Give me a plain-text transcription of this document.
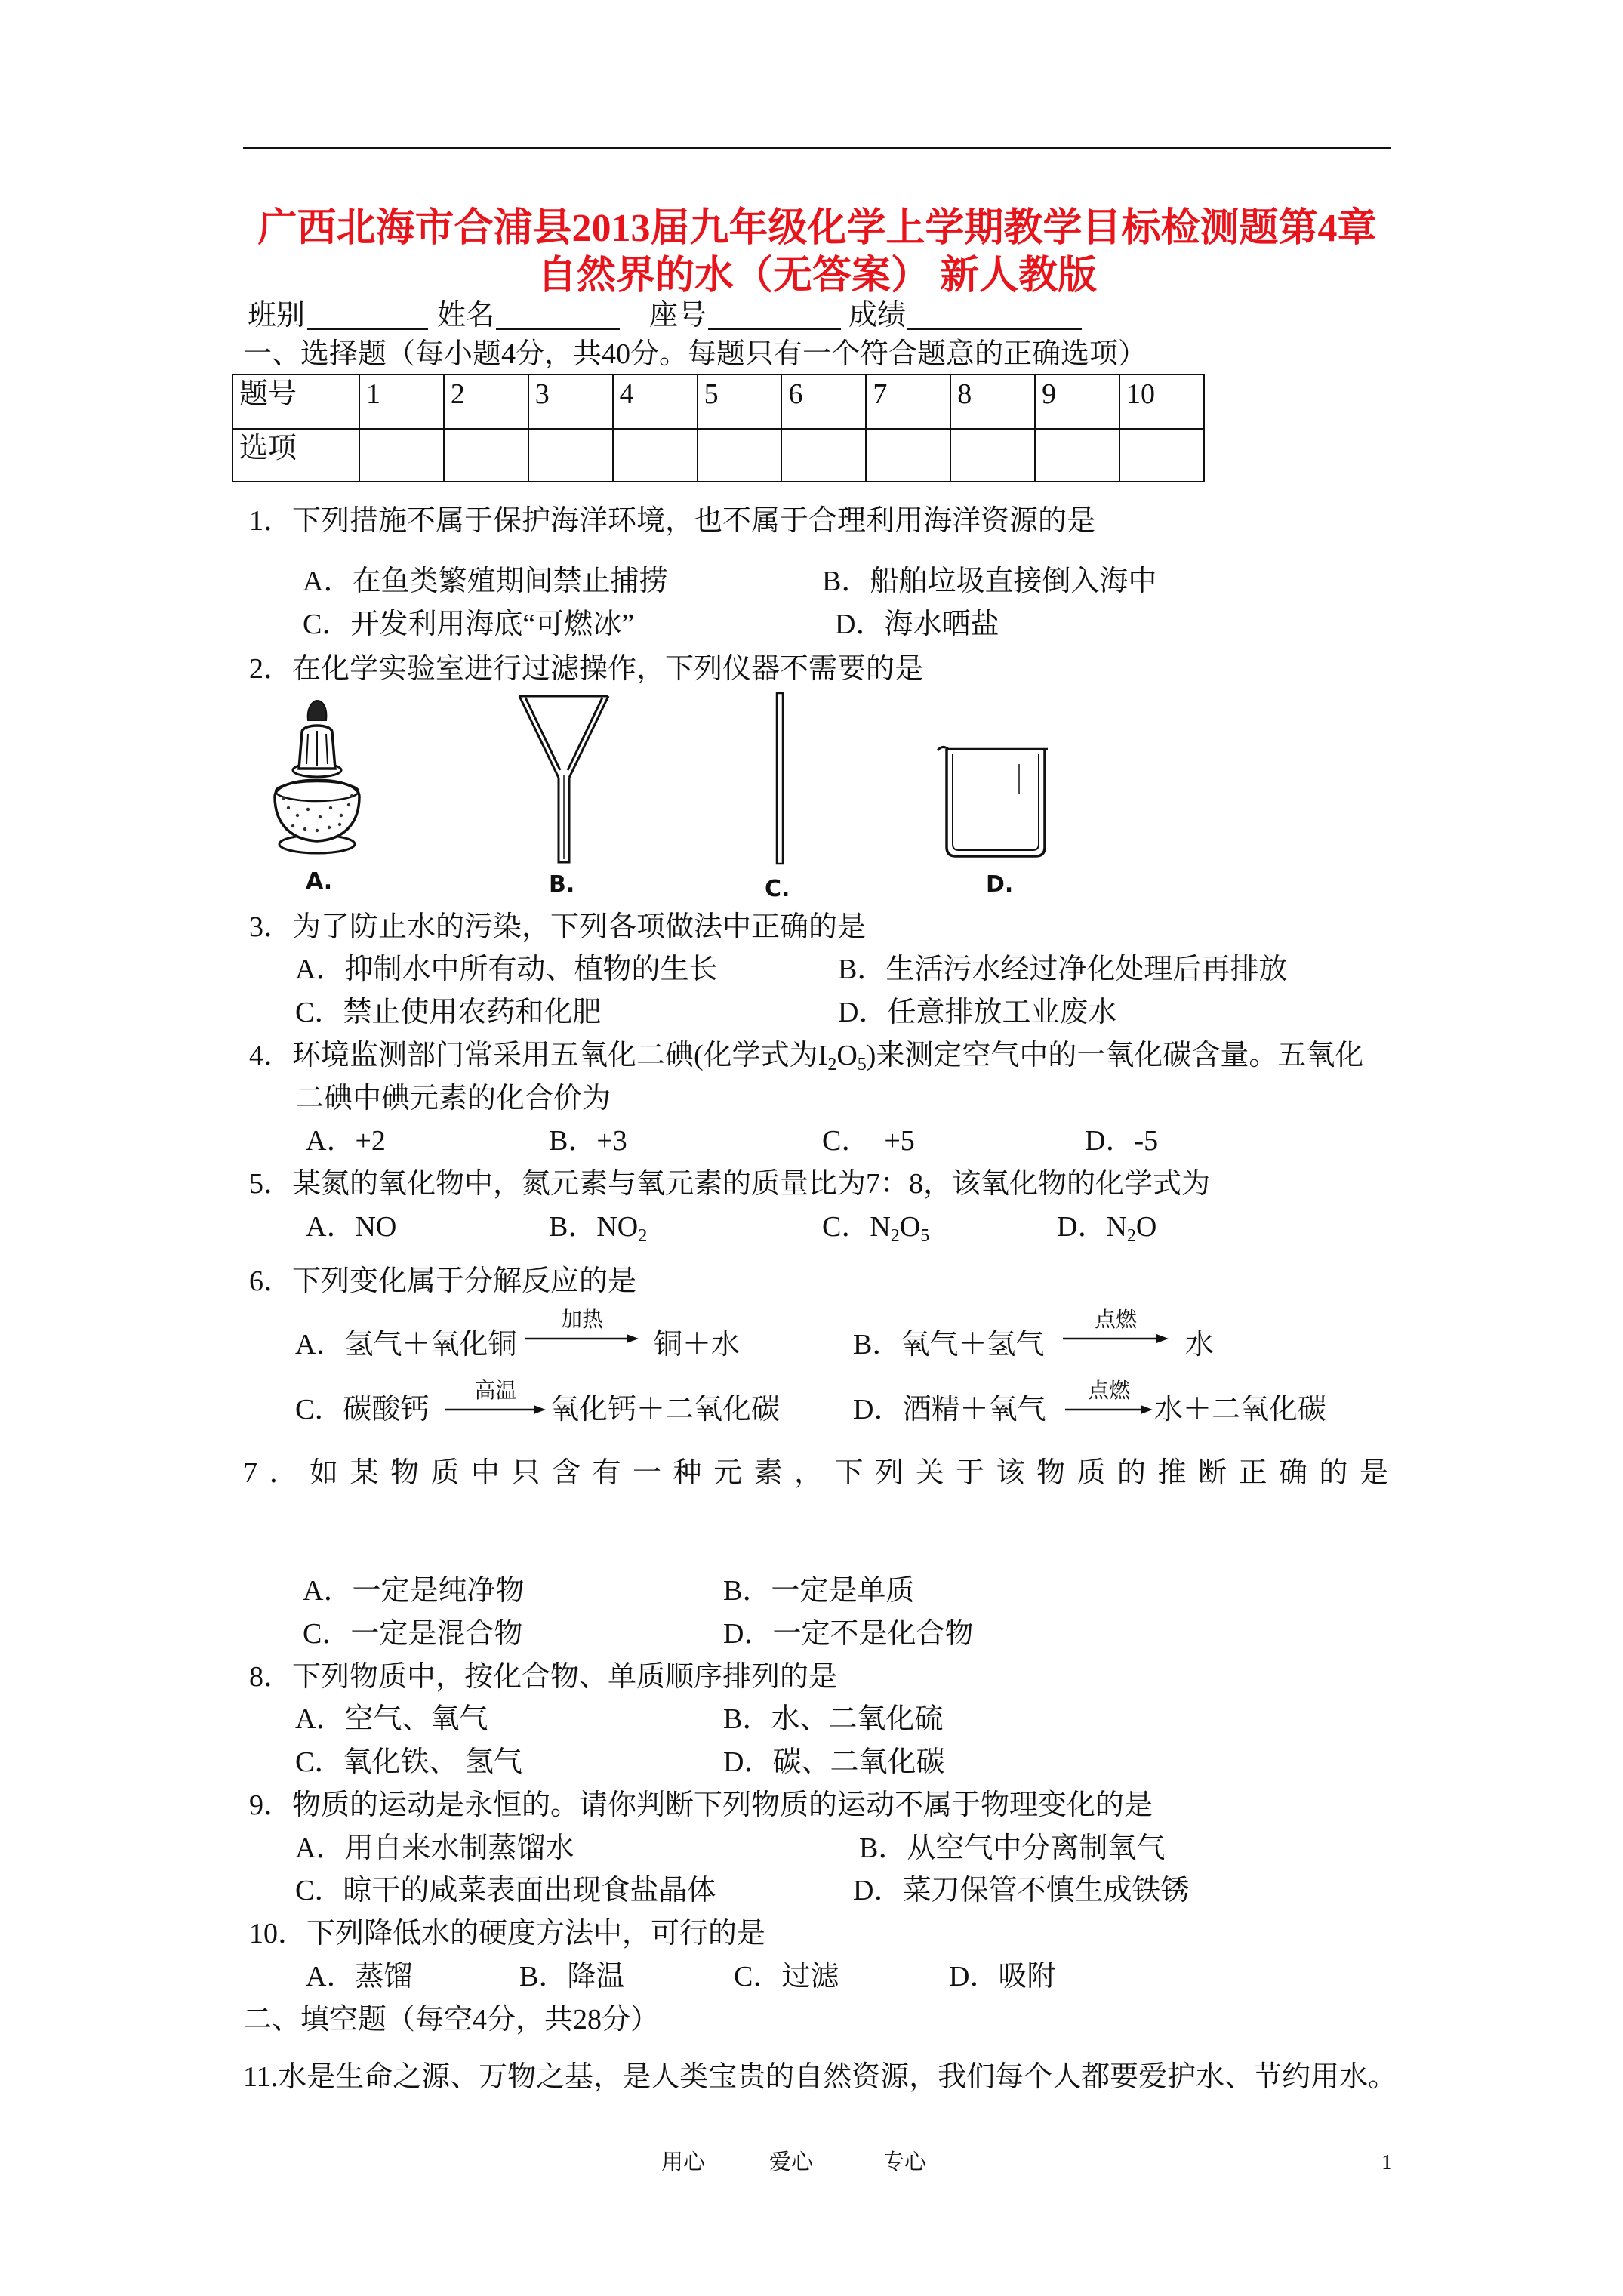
广西北海市合浦县2013届九年级化学上学期教学目标检测题第4章
自然界的水（无答案） 新人教版
班别	姓名	座号	成绩
一、选择题（每小题4分，共40分。每题只有一个符合题意的正确选项）
题号	1	2	3	4	5	6	7	8	9	10
选项										
1．下列措施不属于保护海洋环境，也不属于合理利用海洋资源的是
A．在鱼类繁殖期间禁止捕捞	B．船舶垃圾直接倒入海中
C．开发利用海底“可燃冰”	D．海水晒盐
2．在化学实验室进行过滤操作，下列仪器不需要的是
A.	B.	C.	D.
3．为了防止水的污染，下列各项做法中正确的是
A．抑制水中所有动、植物的生长	B．生活污水经过净化处理后再排放
C．禁止使用农药和化肥	D．任意排放工业废水
4．环境监测部门常采用五氧化二碘(化学式为$I_2O_5$)来测定空气中的一氧化碳含量。五氧化
二碘中碘元素的化合价为
A．+2	B．+3	C．  +5	D．-5
5．某氮的氧化物中，氮元素与氧元素的质量比为7：8，该氧化物的化学式为
A．NO	B．$NO_2$	C．$N_2O_5$	D．$N_2O$
6．下列变化属于分解反应的是
A．氢气＋氧化铜
加热
铜＋水	B．氧气＋氢气
点燃
水
C．碳酸钙
高温
氧化钙＋二氧化碳	D．酒精＋氧气
点燃
水＋二氧化碳
7．如某物质中只含有一种元素，下列关于该物质的推断正确的是
A．一定是纯净物	B．一定是单质
C．一定是混合物	D．一定不是化合物
8．下列物质中，按化合物、单质顺序排列的是
A．空气、氧气	B．水、二氧化硫
C．氧化铁、 氢气	D．碳、二氧化碳
9．物质的运动是永恒的。请你判断下列物质的运动不属于物理变化的是
A．用自来水制蒸馏水	B．从空气中分离制氧气
C．晾干的咸菜表面出现食盐晶体	D．菜刀保管不慎生成铁锈
10．下列降低水的硬度方法中，可行的是
A．蒸馏	B．降温	C．过滤	D．吸附
二、填空题（每空4分，共28分）
11.水是生命之源、万物之基，是人类宝贵的自然资源，我们每个人都要爱护水、节约用水。
用心	爱心	专心	1
